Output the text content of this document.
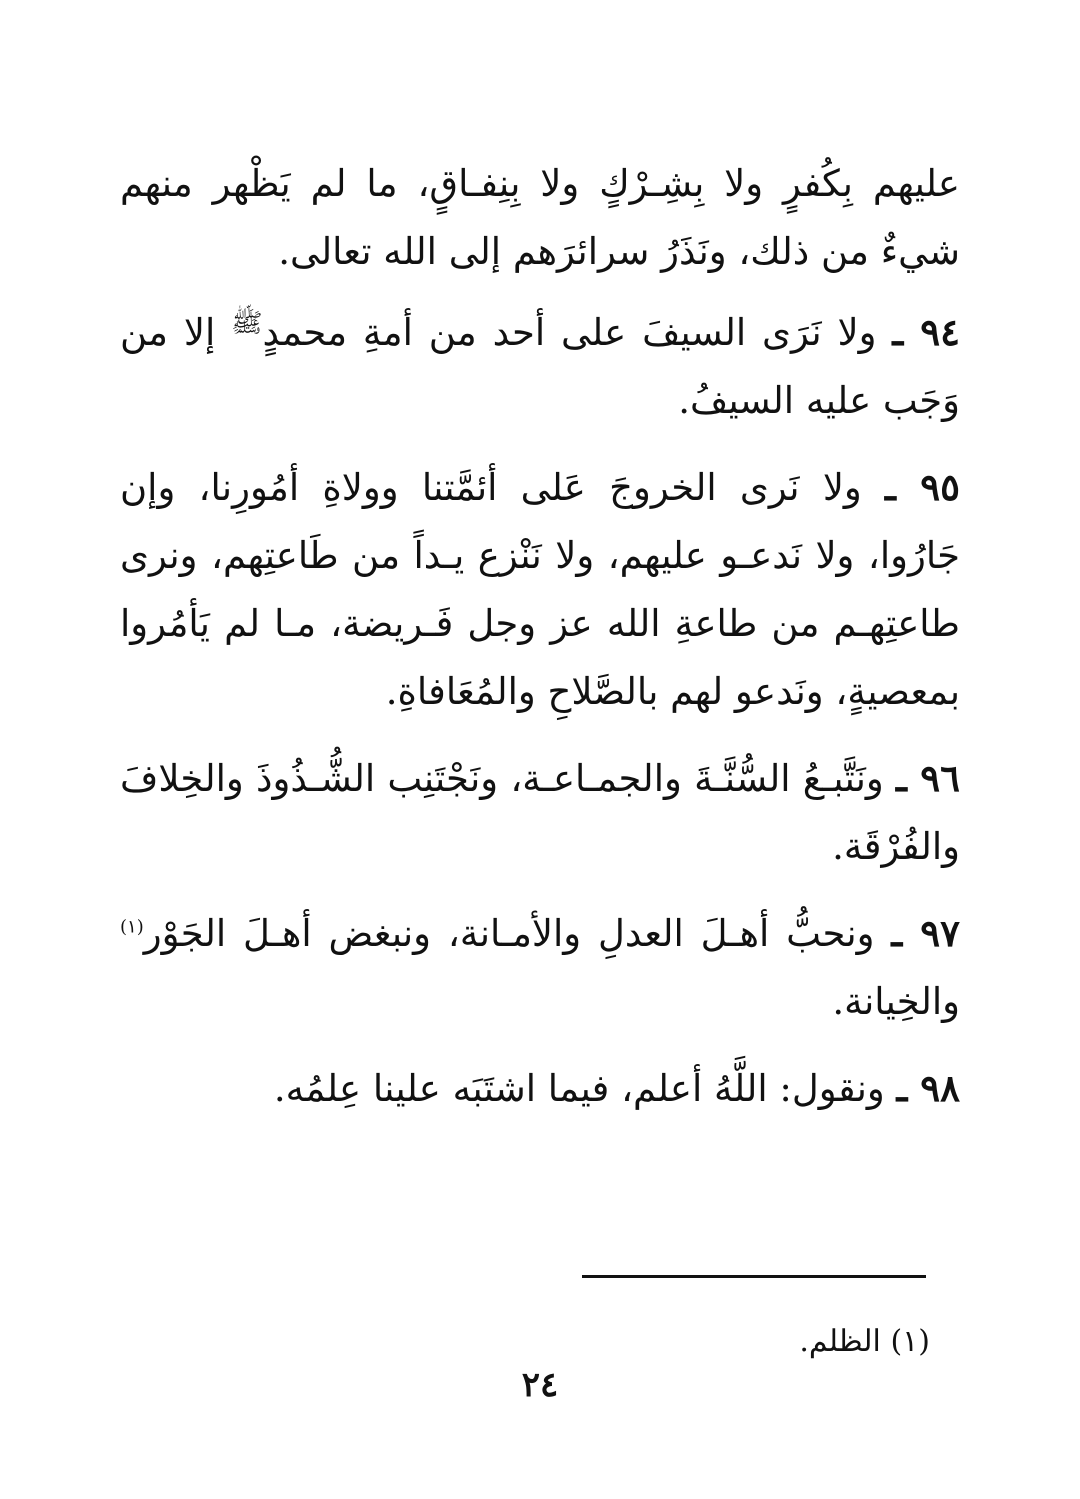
عليهم بِكُفرٍ ولا بِشِـرْكٍ ولا بِنِفـاقٍ، ما لم يَظْهر منهم شيءٌ من ذلك، ونَذَرُ سرائرَهم إلى الله تعالى.

٩٤ ـ ولا نَرَى السيفَ على أحد من أمةِ محمدٍ$^ﷺ$ إلا من وَجَب عليه السيفُ.

٩٥ ـ ولا نَرى الخروجَ عَلى أئمَّتنا وولاةِ أمُورِنا، وإن جَارُوا، ولا نَدعـو عليهم، ولا نَنْزع يـداً من طَاعتِهم، ونرى طاعتِهـم من طاعةِ الله عز وجل فَـريضة، مـا لم يَأمُروا بمعصيةٍ، ونَدعو لهم بالصَّلاحِ والمُعَافاةِ.

٩٦ ـ ونَتَّبـعُ السُّنَّـةَ والجمـاعـة، ونَجْتَنِب الشُّـذُوذَ والخِلافَ والفُرْقَة.

٩٧ ـ ونحبُّ أهـلَ العدلِ والأمـانة، ونبغض أهـلَ الجَوْر$^{(١)}$ والخِيانة.

٩٨ ـ ونقول: اللَّهُ أعلم، فيما اشتَبَه علينا عِلمُه.

(١) الظلم.
٢٤
